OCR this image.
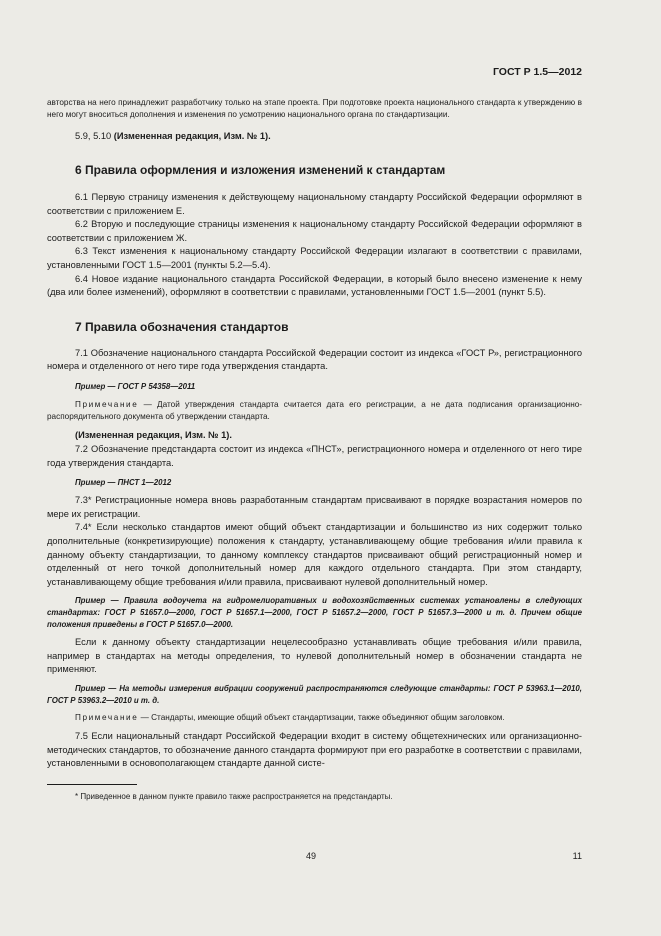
ГОСТ Р 1.5—2012

авторства на него принадлежит разработчику только на этапе проекта. При подготовке проекта национального стандарта к утверждению в него могут вноситься дополнения и изменения по усмотрению национального органа по стандартизации.

5.9, 5.10 (Измененная редакция, Изм. № 1).

6 Правила оформления и изложения изменений к стандартам

6.1 Первую страницу изменения к действующему национальному стандарту Российской Федерации оформляют в соответствии с приложением Е.

6.2 Вторую и последующие страницы изменения к национальному стандарту Российской Федерации оформляют в соответствии с приложением Ж.

6.3 Текст изменения к национальному стандарту Российской Федерации излагают в соответствии с правилами, установленными ГОСТ 1.5—2001 (пункты 5.2—5.4).

6.4 Новое издание национального стандарта Российской Федерации, в который было внесено изменение к нему (два или более изменений), оформляют в соответствии с правилами, установленными ГОСТ 1.5—2001 (пункт 5.5).

7 Правила обозначения стандартов

7.1 Обозначение национального стандарта Российской Федерации состоит из индекса «ГОСТ Р», регистрационного номера и отделенного от него тире года утверждения стандарта.

Пример — ГОСТ Р 54358—2011

Примечание — Датой утверждения стандарта считается дата его регистрации, а не дата подписания организационно-распорядительного документа об утверждении стандарта.

(Измененная редакция, Изм. № 1).

7.2 Обозначение предстандарта состоит из индекса «ПНСТ», регистрационного номера и отделенного от него тире года утверждения стандарта.

Пример — ПНСТ 1—2012

7.3* Регистрационные номера вновь разработанным стандартам присваивают в порядке возрастания номеров по мере их регистрации.

7.4* Если несколько стандартов имеют общий объект стандартизации и большинство из них содержит только дополнительные (конкретизирующие) положения к стандарту, устанавливающему общие требования и/или правила к данному объекту стандартизации, то данному комплексу стандартов присваивают общий регистрационный номер и отделенный от него точкой дополнительный номер для каждого отдельного стандарта. При этом стандарту, устанавливающему общие требования и/или правила, присваивают нулевой дополнительный номер.

Пример — Правила водоучета на гидромелиоративных и водохозяйственных системах установлены в следующих стандартах: ГОСТ Р 51657.0—2000, ГОСТ Р 51657.1—2000, ГОСТ Р 51657.2—2000, ГОСТ Р 51657.3—2000 и т. д. Причем общие положения приведены в ГОСТ Р 51657.0—2000.

Если к данному объекту стандартизации нецелесообразно устанавливать общие требования и/или правила, например в стандартах на методы определения, то нулевой дополнительный номер в обозначении стандарта не применяют.

Пример — На методы измерения вибрации сооружений распространяются следующие стандарты: ГОСТ Р 53963.1—2010, ГОСТ Р 53963.2—2010 и т. д.

Примечание — Стандарты, имеющие общий объект стандартизации, также объединяют общим заголовком.

7.5 Если национальный стандарт Российской Федерации входит в систему общетехнических или организационно-методических стандартов, то обозначение данного стандарта формируют при его разработке в соответствии с правилами, установленными в основополагающем стандарте данной систе-

* Приведенное в данном пункте правило также распространяется на предстандарты.

49	11
